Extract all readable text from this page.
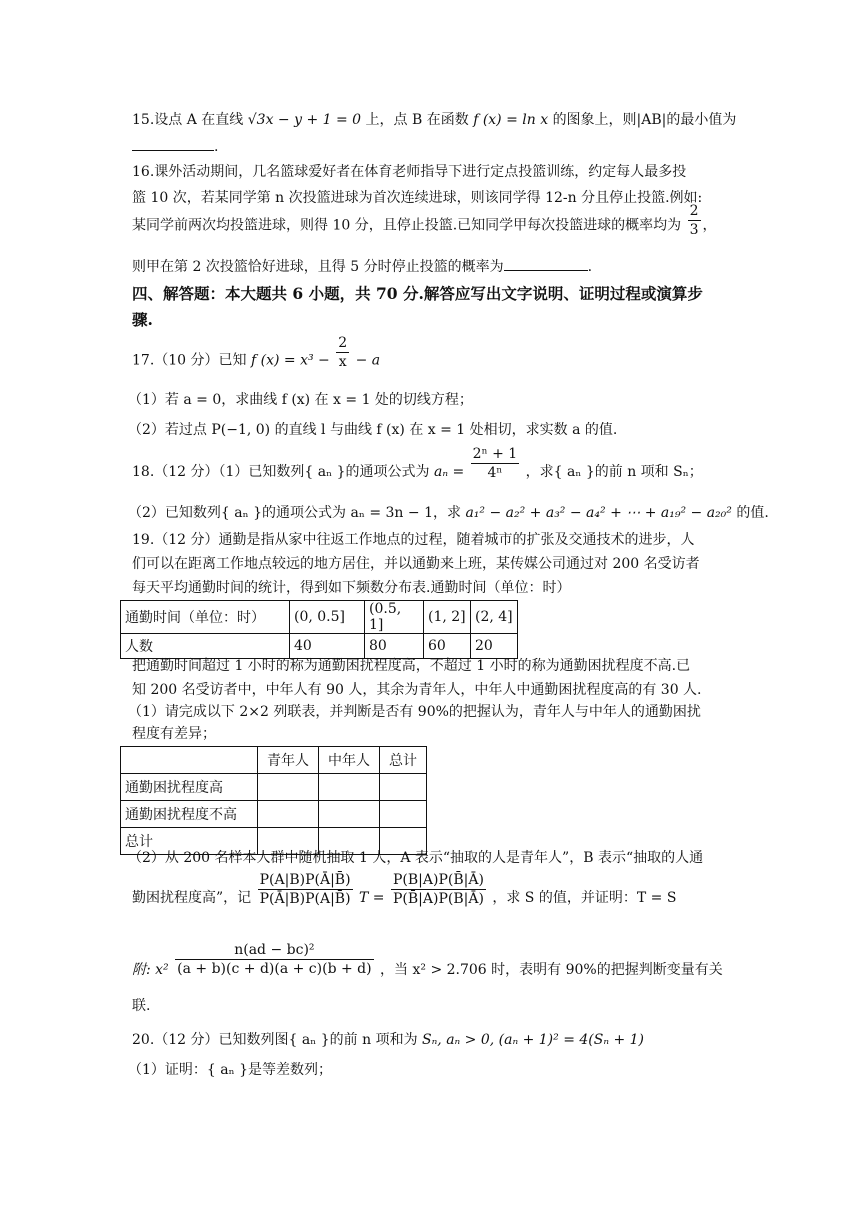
15.设点 A 在直线 √3x − y + 1 = 0 上，点 B 在函数 f (x) = ln x 的图象上，则|AB|的最小值为
.
16.课外活动期间，几名篮球爱好者在体育老师指导下进行定点投篮训练，约定每人最多投
篮 10 次，若某同学第 n 次投篮进球为首次连续进球，则该同学得 12-n 分且停止投篮.例如:
某同学前两次均投篮进球，则得 10 分，且停止投篮.已知同学甲每次投篮进球的概率均为 $\frac{2}{3}$ ，
则甲在第 2 次投篮恰好进球，且得 5 分时停止投篮的概率为	.
四、解答题：本大题共 6 小题，共 70 分.解答应写出文字说明、证明过程或演算步
骤.
17.（10 分）已知 f $(x) = x^3 - \frac{2}{x} - a$
（1）若 a = 0，求曲线 f (x) 在 x = 1 处的切线方程；
（2）若过点 P(−1, 0) 的直线 l 与曲线 f (x) 在 x = 1 处相切，求实数 a 的值.
18.（12 分）（1）已知数列{ aₙ }的通项公式为 $a_n = \frac{\text{2ⁿ + 1}}{\text{4ⁿ}}$ ，求{ aₙ }的前 n 项和 Sₙ；
（2）已知数列{ aₙ }的通项公式为 aₙ = 3n − 1，求 a₁² − a₂² + a₃² − a₄² + ⋯ + a₁₉² − a₂₀² 的值.
19.（12 分）通勤是指从家中往返工作地点的过程，随着城市的扩张及交通技术的进步，人
们可以在距离工作地点较远的地方居住，并以通勤来上班，某传媒公司通过对 200 名受访者
每天平均通勤时间的统计，得到如下频数分布表.通勤时间（单位：时）
通勤时间（单位：时）	(0, 0.5]	(0.5, 1]	(1, 2]	(2, 4]
人数	40	80	60	20
把通勤时间超过 1 小时的称为通勤困扰程度高，不超过 1 小时的称为通勤困扰程度不高.已
知 200 名受访者中，中年人有 90 人，其余为青年人，中年人中通勤困扰程度高的有 30 人.
（1）请完成以下 2×2 列联表，并判断是否有 90%的把握认为，青年人与中年人的通勤困扰
程度有差异；
	青年人	中年人	总计
通勤困扰程度高			
通勤困扰程度不高			
总计			
（2）从 200 名样本人群中随机抽取 1 人，A 表示“抽取的人是青年人”，B 表示“抽取的人通
勤困扰程度高”，记 $\frac{P(A|B)P(Ā|B̄)}{P(Ā|B)P(A|B̄)}$ $T = \frac{P(B|A)P(B̄|Ā)}{P(B̄|A)P(B|Ā)}$ ，求 S 的值，并证明：T = S
附: $x^2 \frac{\text{n(ad − bc)²}}{(a + b)(c + d)(a + c)(b + d)}$ ，当 x² > 2.706 时，表明有 90%的把握判断变量有关
联.
20.（12 分）已知数列图{ aₙ }的前 n 项和为 Sₙ, aₙ > 0, (aₙ + 1)² = 4(Sₙ + 1)
（1）证明：{ aₙ }是等差数列；
